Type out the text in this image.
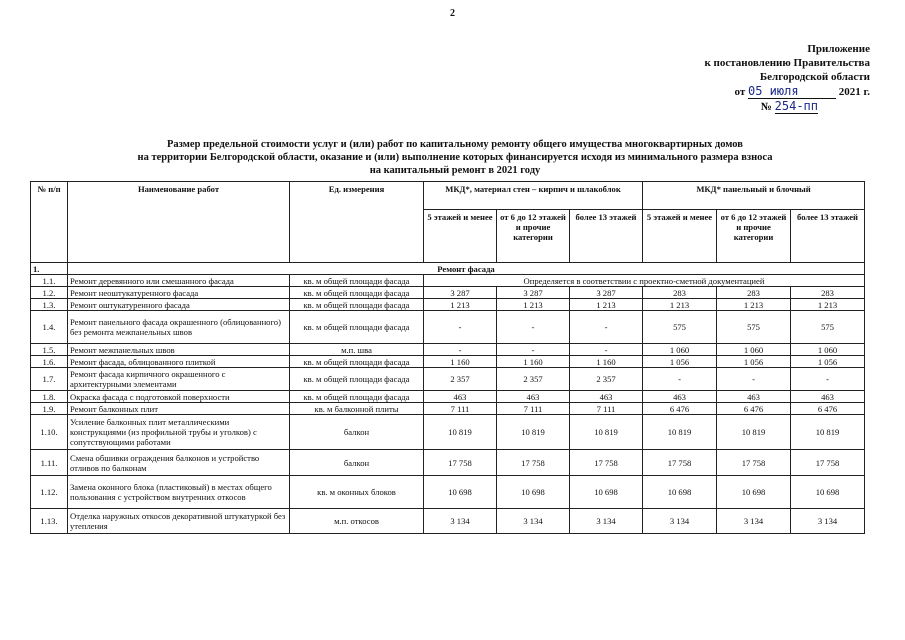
2
Приложение
к постановлению Правительства
Белгородской области
от 05 июля	2021 г.
№ 254-пп
Размер предельной стоимости услуг и (или) работ по капитальному ремонту общего имущества многоквартирных домов
на территории Белгородской области, оказание и (или) выполнение которых финансируется исходя из минимального размера взноса
на капитальный ремонт в 2021 году
№ п/п	Наименование работ	Ед. измерения	МКД*, материал стен – кирпич и шлакоблок			МКД* панельный и блочный		
			5 этажей и менее	от 6 до 12 этажей и прочие категории	более 13 этажей	5 этажей и менее	от 6 до 12 этажей и прочие категории	более 13 этажей
1.	Ремонт фасада							
1.1.	Ремонт деревянного или смешанного фасада	кв. м общей площади фасада	Определяется в соответствии с проектно-сметной документацией					
1.2.	Ремонт неоштукатуренного фасада	кв. м общей площади фасада	3 287	3 287	3 287	283	283	283
1.3.	Ремонт оштукатуренного фасада	кв. м общей площади фасада	1 213	1 213	1 213	1 213	1 213	1 213
1.4.	Ремонт панельного фасада окрашенного (облицованного) без ремонта межпанельных швов	кв. м общей площади фасада	-	-	-	575	575	575
1.5.	Ремонт межпанельных швов	м.п. шва	-	-	-	1 060	1 060	1 060
1.6.	Ремонт фасада, облицованного плиткой	кв. м общей площади фасада	1 160	1 160	1 160	1 056	1 056	1 056
1.7.	Ремонт фасада кирпичного окрашенного с архитектурными элементами	кв. м общей площади фасада	2 357	2 357	2 357	-	-	-
1.8.	Окраска фасада с подготовкой поверхности	кв. м общей площади фасада	463	463	463	463	463	463
1.9.	Ремонт балконных плит	кв. м балконной плиты	7 111	7 111	7 111	6 476	6 476	6 476
1.10.	Усиление балконных плит металлическими конструкциями (из профильной трубы и уголков) с сопутствующими работами	балкон	10 819	10 819	10 819	10 819	10 819	10 819
1.11.	Смена обшивки ограждения балконов и устройство отливов по балконам	балкон	17 758	17 758	17 758	17 758	17 758	17 758
1.12.	Замена оконного блока (пластиковый) в местах общего пользования с устройством внутренних откосов	кв. м оконных блоков	10 698	10 698	10 698	10 698	10 698	10 698
1.13.	Отделка наружных откосов декоративной штукатуркой без утепления	м.п. откосов	3 134	3 134	3 134	3 134	3 134	3 134
